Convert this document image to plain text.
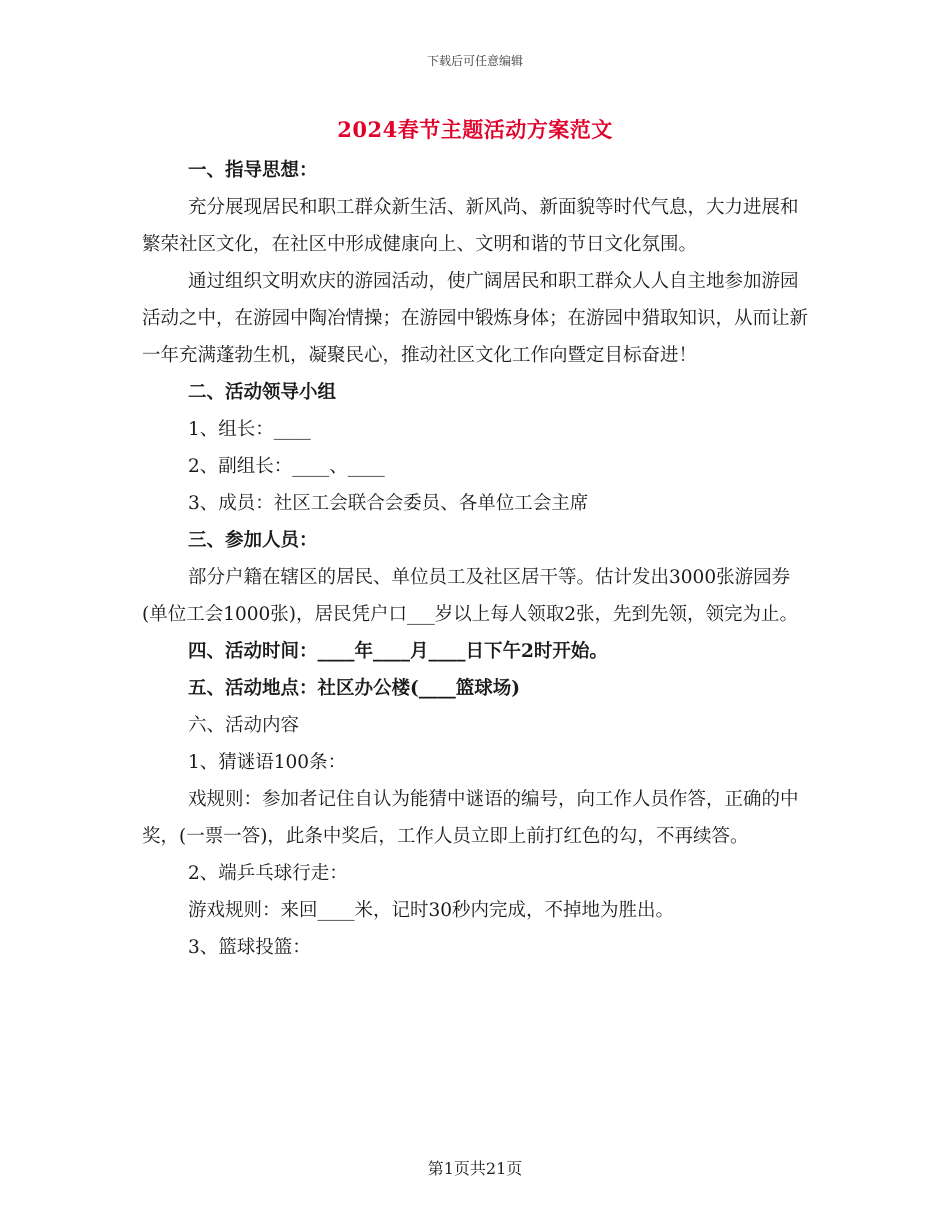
下载后可任意编辑
2024春节主题活动方案范文

一、指导思想：

充分展现居民和职工群众新生活、新风尚、新面貌等时代气息，大力进展和繁荣社区文化，在社区中形成健康向上、文明和谐的节日文化氛围。

通过组织文明欢庆的游园活动，使广阔居民和职工群众人人自主地参加游园活动之中，在游园中陶冶情操；在游园中锻炼身体；在游园中猎取知识，从而让新一年充满蓬勃生机，凝聚民心，推动社区文化工作向暨定目标奋进！

二、活动领导小组

1、组长：____

2、副组长：____、____

3、成员：社区工会联合会委员、各单位工会主席

三、参加人员：

部分户籍在辖区的居民、单位员工及社区居干等。估计发出3000张游园券(单位工会1000张)，居民凭户口___岁以上每人领取2张，先到先领，领完为止。

四、活动时间：____年____月____日下午2时开始。

五、活动地点：社区办公楼(____篮球场)

六、活动内容

1、猜谜语100条：

戏规则：参加者记住自认为能猜中谜语的编号，向工作人员作答，正确的中奖，(一票一答)，此条中奖后，工作人员立即上前打红色的勾，不再续答。

2、端乒乓球行走：

游戏规则：来回____米，记时30秒内完成，不掉地为胜出。

3、篮球投篮：

第1页共21页
